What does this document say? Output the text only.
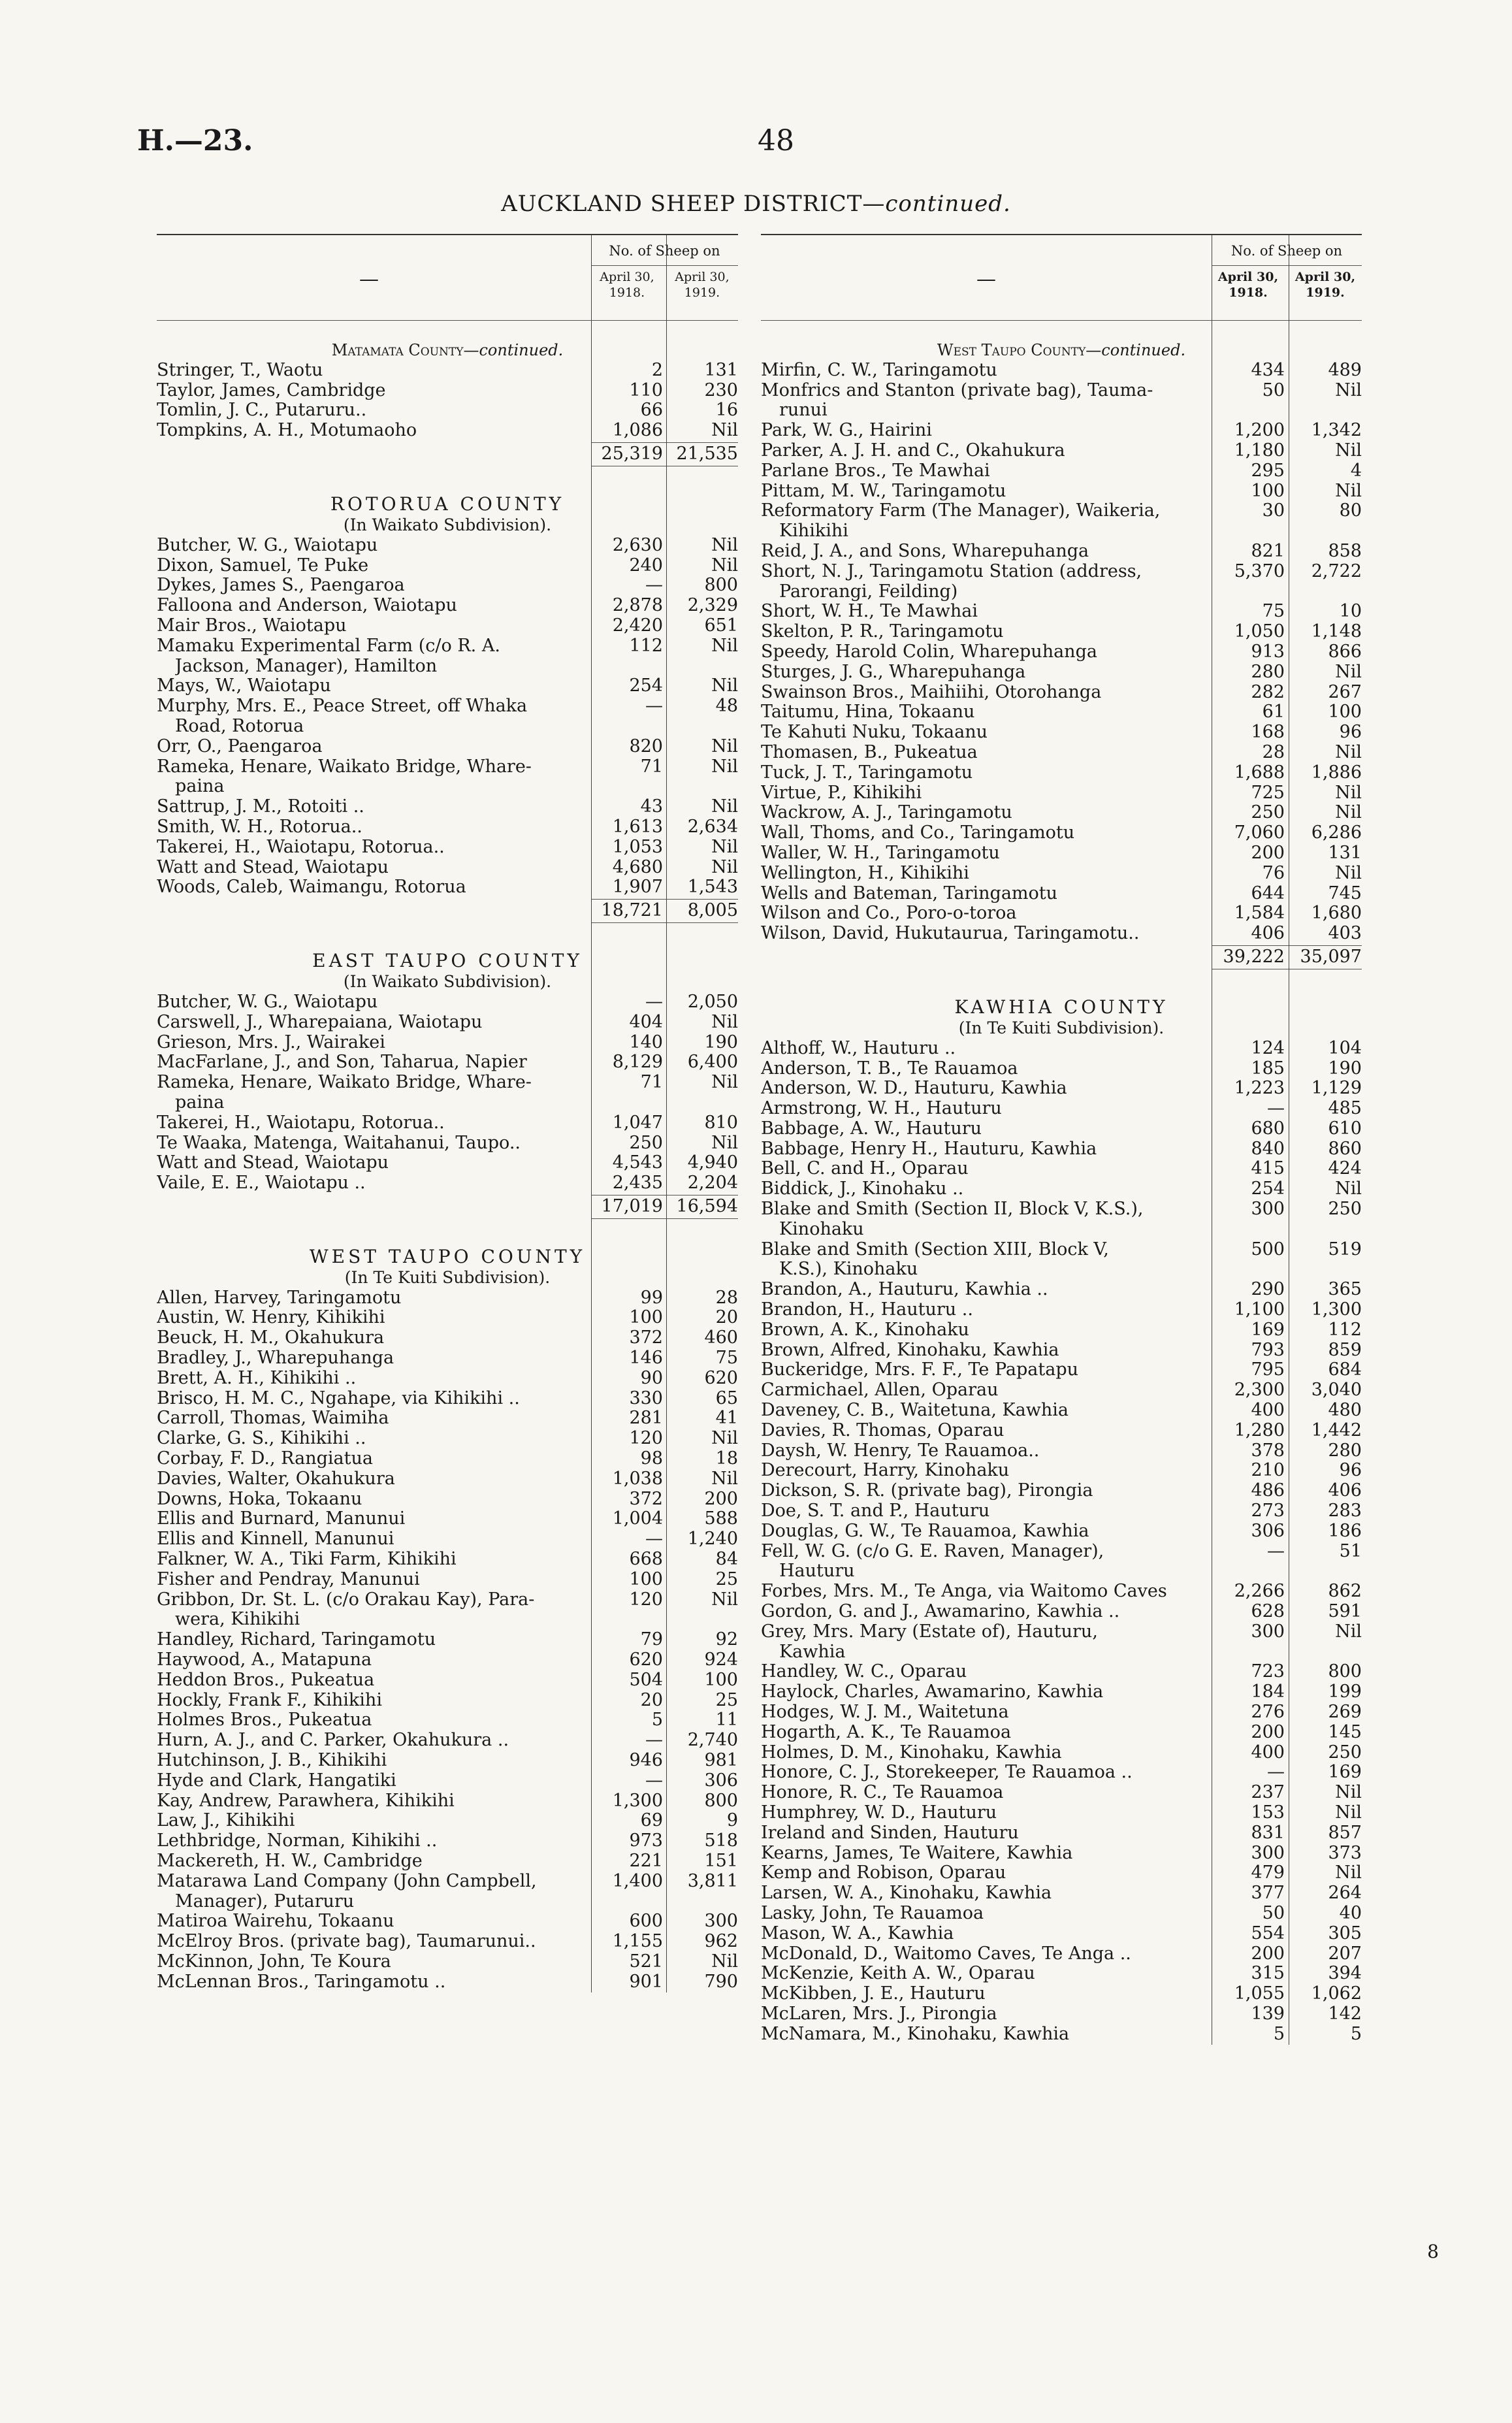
H.—23.	48
AUCKLAND SHEEP DISTRICT—continued.
—
No. of Sheep on
April 30, 1918.
April 30, 1919.
Matamata County—continued.
Stringer, T., Waotu	2	131
Taylor, James, Cambridge	110	230
Tomlin, J. C., Putaruru..	66	16
Tompkins, A. H., Motumaoho	1,086	Nil
25,319 21,535
ROTORUA COUNTY
(In Waikato Subdivision).
Butcher, W. G., Waiotapu	2,630	Nil
Dixon, Samuel, Te Puke	240	Nil
Dykes, James S., Paengaroa	—	800
Falloona and Anderson, Waiotapu	2,878	2,329
Mair Bros., Waiotapu	2,420	651
Mamaku Experimental Farm (c/o R. A.	112	Nil
Jackson, Manager), Hamilton
Mays, W., Waiotapu	254	Nil
Murphy, Mrs. E., Peace Street, off Whaka	—	48
Road, Rotorua
Orr, O., Paengaroa	820	Nil
Rameka, Henare, Waikato Bridge, Whare-	71	Nil
paina
Sattrup, J. M., Rotoiti ..	43	Nil
Smith, W. H., Rotorua..	1,613	2,634
Takerei, H., Waiotapu, Rotorua..	1,053	Nil
Watt and Stead, Waiotapu	4,680	Nil
Woods, Caleb, Waimangu, Rotorua	1,907	1,543
18,721	8,005
EAST TAUPO COUNTY
(In Waikato Subdivision).
Butcher, W. G., Waiotapu	—	2,050
Carswell, J., Wharepaiana, Waiotapu	404	Nil
Grieson, Mrs. J., Wairakei	140	190
MacFarlane, J., and Son, Taharua, Napier	8,129	6,400
Rameka, Henare, Waikato Bridge, Whare-	71	Nil
paina
Takerei, H., Waiotapu, Rotorua..	1,047	810
Te Waaka, Matenga, Waitahanui, Taupo..	250	Nil
Watt and Stead, Waiotapu	4,543	4,940
Vaile, E. E., Waiotapu ..	2,435	2,204
17,019 16,594
WEST TAUPO COUNTY
(In Te Kuiti Subdivision).
Allen, Harvey, Taringamotu	99	28
Austin, W. Henry, Kihikihi	100	20
Beuck, H. M., Okahukura	372	460
Bradley, J., Wharepuhanga	146	75
Brett, A. H., Kihikihi ..	90	620
Brisco, H. M. C., Ngahape, via Kihikihi ..	330	65
Carroll, Thomas, Waimiha	281	41
Clarke, G. S., Kihikihi ..	120	Nil
Corbay, F. D., Rangiatua	98	18
Davies, Walter, Okahukura	1,038	Nil
Downs, Hoka, Tokaanu	372	200
Ellis and Burnard, Manunui	1,004	588
Ellis and Kinnell, Manunui	—	1,240
Falkner, W. A., Tiki Farm, Kihikihi	668	84
Fisher and Pendray, Manunui	100	25
Gribbon, Dr. St. L. (c/o Orakau Kay), Para-	120	Nil
wera, Kihikihi
Handley, Richard, Taringamotu	79	92
Haywood, A., Matapuna	620	924
Heddon Bros., Pukeatua	504	100
Hockly, Frank F., Kihikihi	20	25
Holmes Bros., Pukeatua	5	11
Hurn, A. J., and C. Parker, Okahukura ..	—	2,740
Hutchinson, J. B., Kihikihi	946	981
Hyde and Clark, Hangatiki	—	306
Kay, Andrew, Parawhera, Kihikihi	1,300	800
Law, J., Kihikihi	69	9
Lethbridge, Norman, Kihikihi ..	973	518
Mackereth, H. W., Cambridge	221	151
Matarawa Land Company (John Campbell,	1,400	3,811
Manager), Putaruru
Matiroa Wairehu, Tokaanu	600	300
McElroy Bros. (private bag), Taumarunui..	1,155	962
McKinnon, John, Te Koura	521	Nil
McLennan Bros., Taringamotu ..	901	790
—
No. of Sheep on
April 30, 1918.
April 30, 1919.
West Taupo County—continued.
Mirfin, C. W., Taringamotu	434	489
Monfrics and Stanton (private bag), Tauma-	50	Nil
runui
Park, W. G., Hairini	1,200	1,342
Parker, A. J. H. and C., Okahukura	1,180	Nil
Parlane Bros., Te Mawhai	295	4
Pittam, M. W., Taringamotu	100	Nil
Reformatory Farm (The Manager), Waikeria,	30	80
Kihikihi
Reid, J. A., and Sons, Wharepuhanga	821	858
Short, N. J., Taringamotu Station (address,	5,370	2,722
Parorangi, Feilding)
Short, W. H., Te Mawhai	75	10
Skelton, P. R., Taringamotu	1,050	1,148
Speedy, Harold Colin, Wharepuhanga	913	866
Sturges, J. G., Wharepuhanga	280	Nil
Swainson Bros., Maihiihi, Otorohanga	282	267
Taitumu, Hina, Tokaanu	61	100
Te Kahuti Nuku, Tokaanu	168	96
Thomasen, B., Pukeatua	28	Nil
Tuck, J. T., Taringamotu	1,688	1,886
Virtue, P., Kihikihi	725	Nil
Wackrow, A. J., Taringamotu	250	Nil
Wall, Thoms, and Co., Taringamotu	7,060	6,286
Waller, W. H., Taringamotu	200	131
Wellington, H., Kihikihi	76	Nil
Wells and Bateman, Taringamotu	644	745
Wilson and Co., Poro-o-toroa	1,584	1,680
Wilson, David, Hukutaurua, Taringamotu..	406	403
39,222 35,097
KAWHIA COUNTY
(In Te Kuiti Subdivision).
Althoff, W., Hauturu ..	124	104
Anderson, T. B., Te Rauamoa	185	190
Anderson, W. D., Hauturu, Kawhia	1,223	1,129
Armstrong, W. H., Hauturu	—	485
Babbage, A. W., Hauturu	680	610
Babbage, Henry H., Hauturu, Kawhia	840	860
Bell, C. and H., Oparau	415	424
Biddick, J., Kinohaku ..	254	Nil
Blake and Smith (Section II, Block V, K.S.),	300	250
Kinohaku
Blake and Smith (Section XIII, Block V,	500	519
K.S.), Kinohaku
Brandon, A., Hauturu, Kawhia ..	290	365
Brandon, H., Hauturu ..	1,100	1,300
Brown, A. K., Kinohaku	169	112
Brown, Alfred, Kinohaku, Kawhia	793	859
Buckeridge, Mrs. F. F., Te Papatapu	795	684
Carmichael, Allen, Oparau	2,300	3,040
Daveney, C. B., Waitetuna, Kawhia	400	480
Davies, R. Thomas, Oparau	1,280	1,442
Daysh, W. Henry, Te Rauamoa..	378	280
Derecourt, Harry, Kinohaku	210	96
Dickson, S. R. (private bag), Pirongia	486	406
Doe, S. T. and P., Hauturu	273	283
Douglas, G. W., Te Rauamoa, Kawhia	306	186
Fell, W. G. (c/o G. E. Raven, Manager),	—	51
Hauturu
Forbes, Mrs. M., Te Anga, via Waitomo Caves	2,266	862
Gordon, G. and J., Awamarino, Kawhia ..	628	591
Grey, Mrs. Mary (Estate of), Hauturu,	300	Nil
Kawhia
Handley, W. C., Oparau	723	800
Haylock, Charles, Awamarino, Kawhia	184	199
Hodges, W. J. M., Waitetuna	276	269
Hogarth, A. K., Te Rauamoa	200	145
Holmes, D. M., Kinohaku, Kawhia	400	250
Honore, C. J., Storekeeper, Te Rauamoa ..	—	169
Honore, R. C., Te Rauamoa	237	Nil
Humphrey, W. D., Hauturu	153	Nil
Ireland and Sinden, Hauturu	831	857
Kearns, James, Te Waitere, Kawhia	300	373
Kemp and Robison, Oparau	479	Nil
Larsen, W. A., Kinohaku, Kawhia	377	264
Lasky, John, Te Rauamoa	50	40
Mason, W. A., Kawhia	554	305
McDonald, D., Waitomo Caves, Te Anga ..	200	207
McKenzie, Keith A. W., Oparau	315	394
McKibben, J. E., Hauturu	1,055	1,062
McLaren, Mrs. J., Pirongia	139	142
McNamara, M., Kinohaku, Kawhia	5	5
8
